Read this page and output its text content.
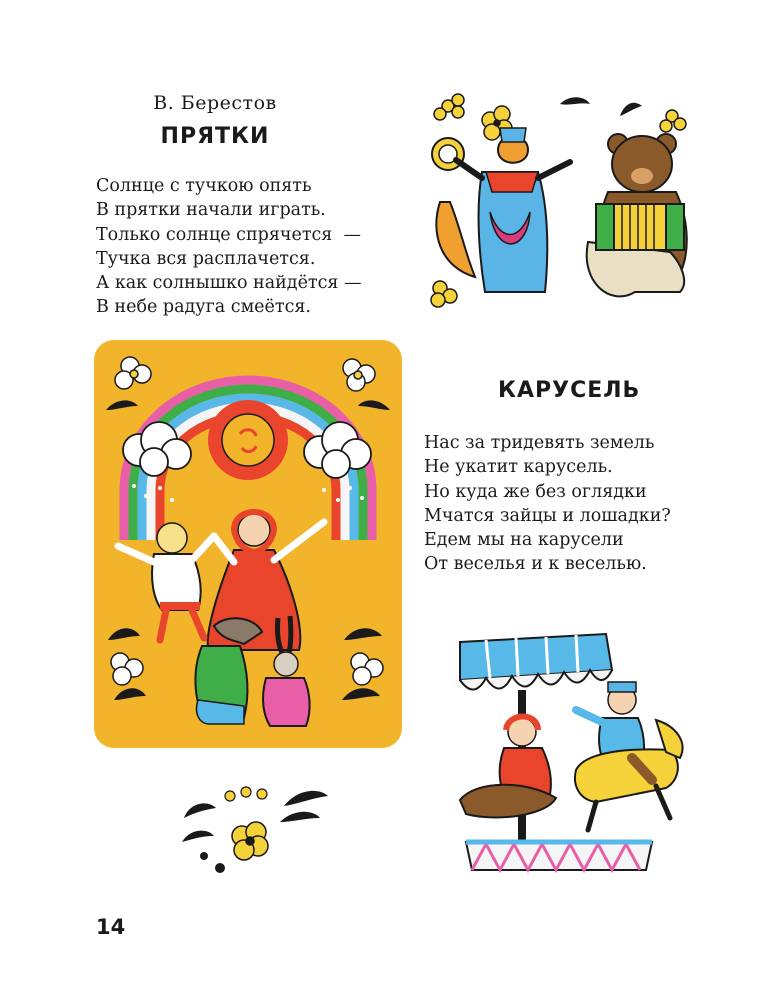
В. Берестов
ПРЯТКИ
Солнце с тучкою опять
В прятки начали играть.
Только солнце спрячется  —
Тучка вся расплачется.
А как солнышко найдётся —
В небе радуга смеётся.
КАРУСЕЛЬ
Нас за тридевять земель
Не укатит карусель.
Но куда же без оглядки
Мчатся зайцы и лошадки?
Едем мы на карусели
От веселья и к веселью.
14
